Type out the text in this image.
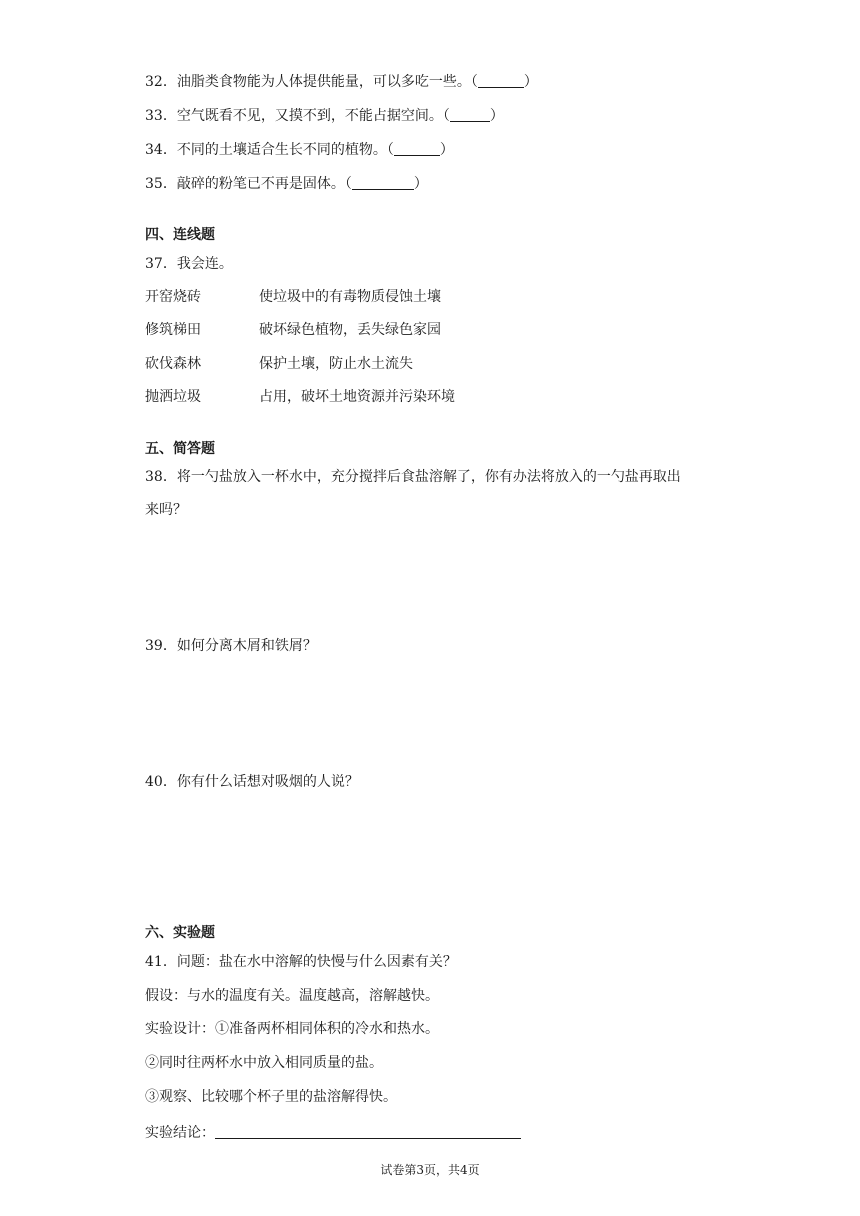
32．油脂类食物能为人体提供能量，可以多吃一些。（	）
33．空气既看不见，又摸不到，不能占据空间。（	）
34．不同的土壤适合生长不同的植物。（	）
35．敲碎的粉笔已不再是固体。（	）
四、连线题
37．我会连。
开窑烧砖	使垃圾中的有毒物质侵蚀土壤
修筑梯田	破坏绿色植物，丢失绿色家园
砍伐森林	保护土壤，防止水土流失
抛洒垃圾	占用，破坏土地资源并污染环境
五、简答题
38．将一勺盐放入一杯水中，充分搅拌后食盐溶解了，你有办法将放入的一勺盐再取出
来吗？
39．如何分离木屑和铁屑？
40．你有什么话想对吸烟的人说？
六、实验题
41．问题：盐在水中溶解的快慢与什么因素有关？
假设：与水的温度有关。温度越高，溶解越快。
实验设计：①准备两杯相同体积的冷水和热水。
②同时往两杯水中放入相同质量的盐。
③观察、比较哪个杯子里的盐溶解得快。
实验结论：
试卷第3页，共4页
